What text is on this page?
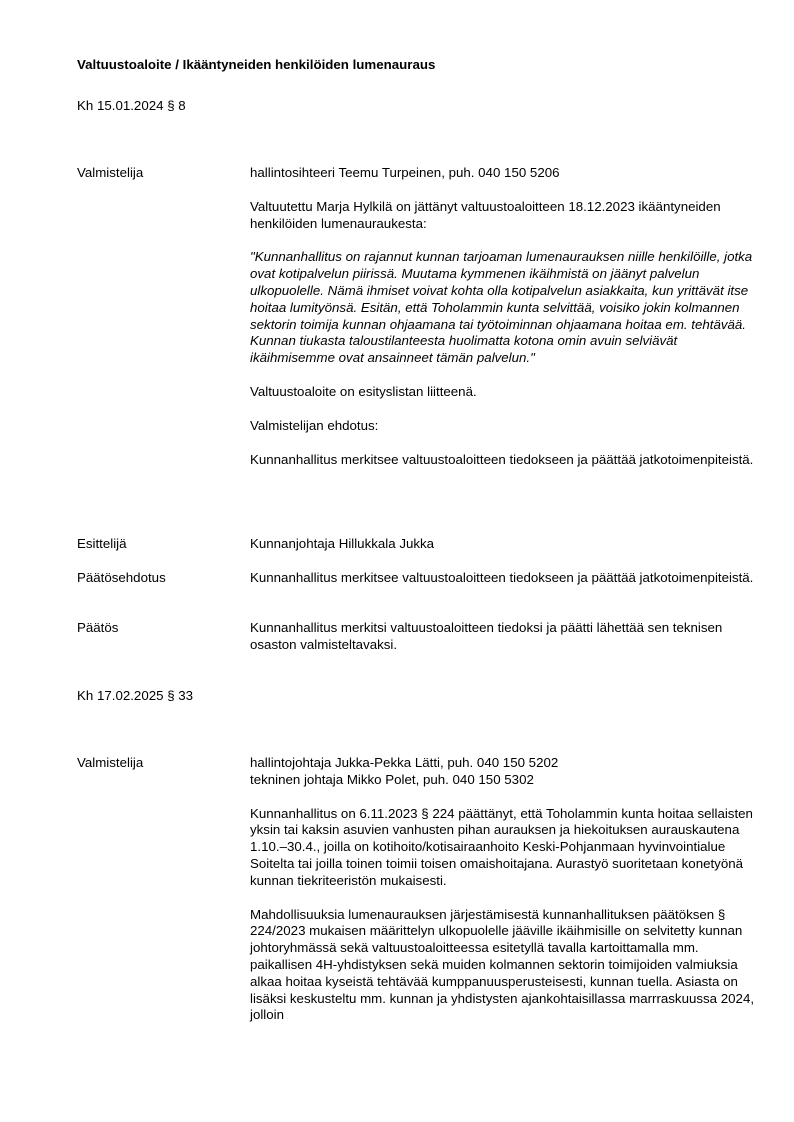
Valtuustoaloite / Ikääntyneiden henkilöiden lumenauraus
Kh 15.01.2024 § 8
Valmistelija	hallintosihteeri Teemu Turpeinen, puh. 040 150 5206

Valtuutettu Marja Hylkilä on jättänyt valtuustoaloitteen 18.12.2023 ikääntyneiden henkilöiden lumenauraukesta:

"Kunnanhallitus on rajannut kunnan tarjoaman lumenaurauksen niille henkilöille, jotka ovat kotipalvelun piirissä. Muutama kymmenen ikäihmistä on jäänyt palvelun ulkopuolelle. Nämä ihmiset voivat kohta olla kotipalvelun asiakkaita, kun yrittävät itse hoitaa lumityönsä. Esitän, että Toholammin kunta selvittää, voisiko jokin kolmannen sektorin toimija kunnan ohjaamana tai työtoiminnan ohjaamana hoitaa em. tehtävää. Kunnan tiukasta taloustilanteesta huolimatta kotona omin avuin selviävät ikäihmisemme ovat ansainneet tämän palvelun."

Valtuustoaloite on esityslistan liitteenä.

Valmistelijan ehdotus:

Kunnanhallitus merkitsee valtuustoaloitteen tiedokseen ja päättää jatkotoimenpiteistä.

Esittelijä	Kunnanjohtaja Hillukkala Jukka
Päätösehdotus	Kunnanhallitus merkitsee valtuustoaloitteen tiedokseen ja päättää jatkotoimenpiteistä.
Päätös	Kunnanhallitus merkitsi valtuustoaloitteen tiedoksi ja päätti lähettää sen teknisen osaston valmisteltavaksi.
Kh 17.02.2025 § 33
Valmistelija	hallintojohtaja Jukka-Pekka Lätti, puh. 040 150 5202

tekninen johtaja Mikko Polet, puh. 040 150 5302

Kunnanhallitus on 6.11.2023 § 224 päättänyt, että Toholammin kunta hoitaa sellaisten yksin tai kaksin asuvien vanhusten pihan aurauksen ja hiekoituksen aurauskautena 1.10.–30.4., joilla on kotihoito/kotisairaanhoito Keski-Pohjanmaan hyvinvointialue Soitelta tai joilla toinen toimii toisen omaishoitajana. Aurastyö suoritetaan konetyönä kunnan tiekriteeristön mukaisesti.

Mahdollisuuksia lumenaurauksen järjestämisestä kunnanhallituksen päätöksen § 224/2023 mukaisen määrittelyn ulkopuolelle jääville ikäihmisille on selvitetty kunnan johtoryhmässä sekä valtuustoaloitteessa esitetyllä tavalla kartoittamalla mm. paikallisen 4H-yhdistyksen sekä muiden kolmannen sektorin toimijoiden valmiuksia alkaa hoitaa kyseistä tehtävää kumppanuusperusteisesti, kunnan tuella. Asiasta on lisäksi keskusteltu mm. kunnan ja yhdistysten ajankohtaisillassa marrraskuussa 2024, jolloin
